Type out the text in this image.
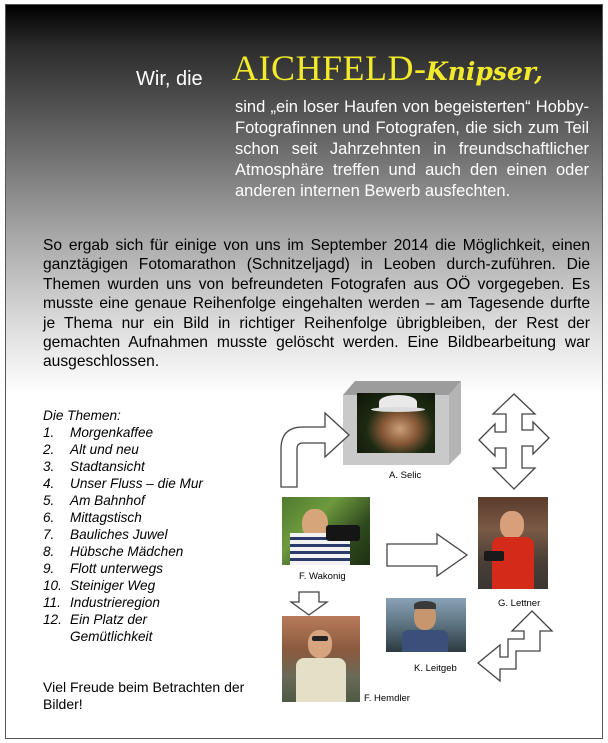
Wir, die AICHFELD-Knipser,
sind „ein loser Haufen von begeisterten“ Hobby-Fotografinnen und Fotografen, die sich zum Teil schon seit Jahrzehnten in freundschaftlicher Atmosphäre treffen und auch den einen oder anderen internen Bewerb ausfechten.
So ergab sich für einige von uns im September 2014 die Möglichkeit, einen ganztägigen Fotomarathon (Schnitzeljagd) in Leoben durch-zuführen. Die Themen wurden uns von befreundeten Fotografen aus OÖ vorgegeben. Es musste eine genaue Reihenfolge eingehalten werden – am Tagesende durfte je Thema nur ein Bild in richtiger Reihenfolge übrigbleiben, der Rest der gemachten Aufnahmen musste gelöscht werden. Eine Bildbearbeitung war ausgeschlossen.
Die Themen:
1. Morgenkaffee
2. Alt und neu
3. Stadtansicht
4. Unser Fluss – die Mur
5. Am Bahnhof
6. Mittagstisch
7. Bauliches Juwel
8. Hübsche Mädchen
9. Flott unterwegs
10. Steiniger Weg
11. Industrieregion
12. Ein Platz der
Gemütlichkeit
Viel Freude beim Betrachten der Bilder!
A. Selic
F. Wakonig
G. Lettner
K. Leitgeb
F. Hemdler
